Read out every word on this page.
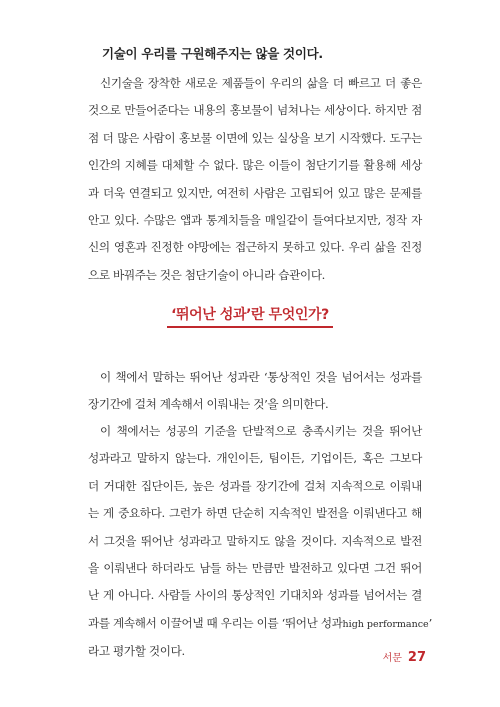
기술이 우리를 구원해주지는 않을 것이다.
신기술을 장착한 새로운 제품들이 우리의 삶을 더 빠르고 더 좋은
것으로 만들어준다는 내용의 홍보물이 넘쳐나는 세상이다. 하지만 점
점 더 많은 사람이 홍보물 이면에 있는 실상을 보기 시작했다. 도구는
인간의 지혜를 대체할 수 없다. 많은 이들이 첨단기기를 활용해 세상
과 더욱 연결되고 있지만, 여전히 사람은 고립되어 있고 많은 문제를
안고 있다. 수많은 앱과 통계치들을 매일같이 들여다보지만, 정작 자
신의 영혼과 진정한 야망에는 접근하지 못하고 있다. 우리 삶을 진정
으로 바꿔주는 것은 첨단기술이 아니라 습관이다.
‘뛰어난 성과’란 무엇인가?
이 책에서 말하는 뛰어난 성과란 ‘통상적인 것을 넘어서는 성과를
장기간에 걸쳐 계속해서 이뤄내는 것’을 의미한다.
이 책에서는 성공의 기준을 단발적으로 충족시키는 것을 뛰어난
성과라고 말하지 않는다. 개인이든, 팀이든, 기업이든, 혹은 그보다
더 거대한 집단이든, 높은 성과를 장기간에 걸쳐 지속적으로 이뤄내
는 게 중요하다. 그런가 하면 단순히 지속적인 발전을 이뤄낸다고 해
서 그것을 뛰어난 성과라고 말하지도 않을 것이다. 지속적으로 발전
을 이뤄낸다 하더라도 남들 하는 만큼만 발전하고 있다면 그건 뛰어
난 게 아니다. 사람들 사이의 통상적인 기대치와 성과를 넘어서는 결
과를 계속해서 이끌어낼 때 우리는 이를 ‘뛰어난 성과high performance’
라고 평가할 것이다.
서문 27
